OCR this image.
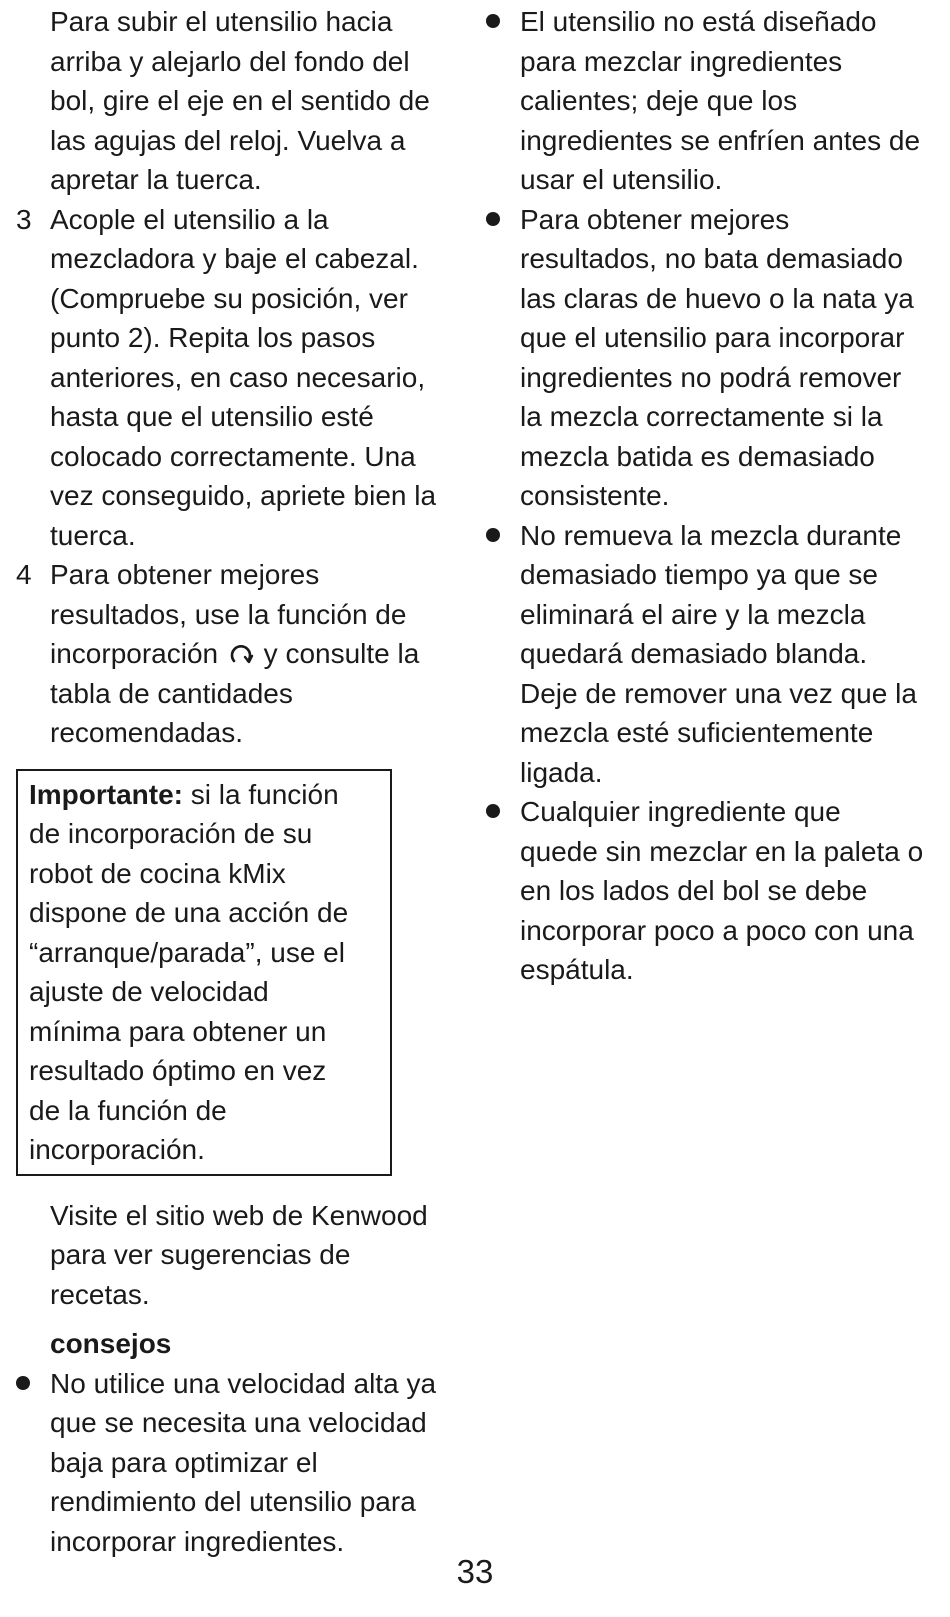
Para subir el utensilio hacia arriba y alejarlo del fondo del bol, gire el eje en el sentido de las agujas del reloj. Vuelva a apretar la tuerca.

3 Acople el utensilio a la mezcladora y baje el cabezal. (Compruebe su posición, ver punto 2). Repita los pasos anteriores, en caso necesario, hasta que el utensilio esté colocado correctamente. Una vez conseguido, apriete bien la tuerca.
4 Para obtener mejores resultados, use la función de incorporación y consulte la tabla de cantidades recomendadas.
Importante: si la función de incorporación de su robot de cocina kMix dispone de una acción de “arranque/parada”, use el ajuste de velocidad mínima para obtener un resultado óptimo en vez de la función de incorporación.

Visite el sitio web de Kenwood para ver sugerencias de recetas.

consejos

No utilice una velocidad alta ya que se necesita una velocidad baja para optimizar el rendimiento del utensilio para incorporar ingredientes.
El utensilio no está diseñado para mezclar ingredientes calientes; deje que los ingredientes se enfríen antes de usar el utensilio.
Para obtener mejores resultados, no bata demasiado las claras de huevo o la nata ya que el utensilio para incorporar ingredientes no podrá remover la mezcla correctamente si la mezcla batida es demasiado consistente.
No remueva la mezcla durante demasiado tiempo ya que se eliminará el aire y la mezcla quedará demasiado blanda. Deje de remover una vez que la mezcla esté suficientemente ligada.
Cualquier ingrediente que quede sin mezclar en la paleta o en los lados del bol se debe incorporar poco a poco con una espátula.
33
